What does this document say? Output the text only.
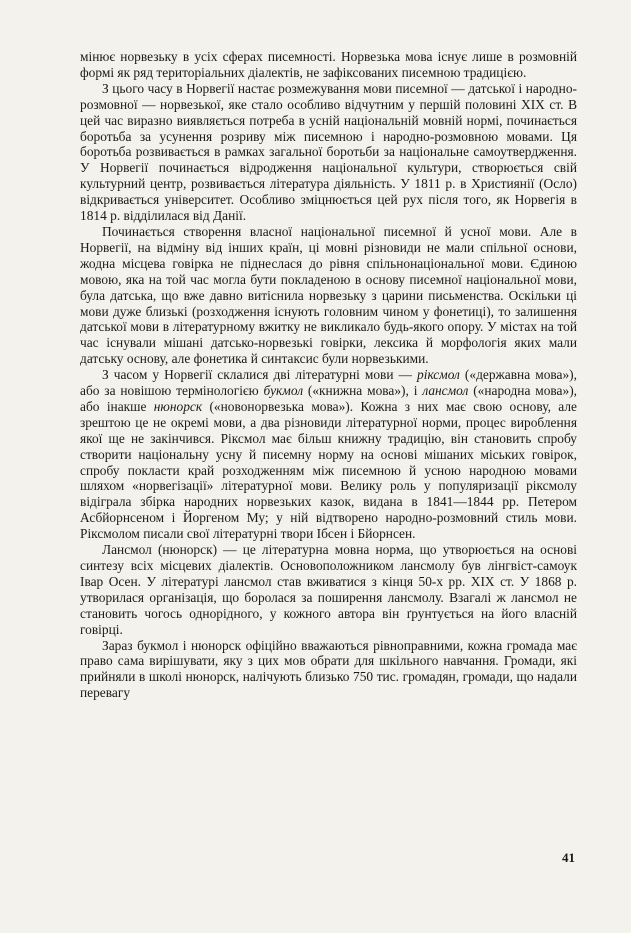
мінює норвезьку в усіх сферах писемності. Норвезька мова існує лише в розмовній формі як ряд територіальних діалектів, не зафіксованих писемною традицією.

З цього часу в Норвегії настає розмежування мови писемної — датської і народно-розмовної — норвезької, яке стало особливо відчутним у першій половині XIX ст. В цей час виразно виявляється потреба в усній національній мовній нормі, починається боротьба за усунення розриву між писемною і народно-розмовною мовами. Ця боротьба розвивається в рамках загальної боротьби за національне самоутвердження. У Норвегії починається відродження національної культури, створюється свій культурний центр, розвивається література діяльність. У 1811 р. в Християнії (Осло) відкривається університет. Особливо зміцнюється цей рух після того, як Норвегія в 1814 р. відділилася від Данії.

Починається створення власної національної писемної й усної мови. Але в Норвегії, на відміну від інших країн, ці мовні різновиди не мали спільної основи, жодна місцева говірка не піднеслася до рівня спільнонаціональної мови. Єдиною мовою, яка на той час могла бути покладеною в основу писемної національної мови, була датська, що вже давно витіснила норвезьку з царини письменства. Оскільки ці мови дуже близькі (розходження існують головним чином у фонетиці), то залишення датської мови в літературному вжитку не викликало будь-якого опору. У містах на той час існували мішані датсько-норвезькі говірки, лексика й морфологія яких мали датську основу, але фонетика й синтаксис були норвезькими.

З часом у Норвегії склалися дві літературні мови — ріксмол («державна мова»), або за новішою термінологією букмол («книжна мова»), і лансмол («народна мова»), або інакше нюнорск («новонорвезька мова»). Кожна з них має свою основу, але зрештою це не окремі мови, а два різновиди літературної норми, процес вироблення якої ще не закінчився. Ріксмол має більш книжну традицію, він становить спробу створити національну усну й писемну норму на основі мішаних міських говірок, спробу покласти край розходженням між писемною й усною народною мовами шляхом «норвегізації» літературної мови. Велику роль у популяризації ріксмолу відіграла збірка народних норвезьких казок, видана в 1841—1844 рр. Петером Асбйорнсеном і Йоргеном Му; у ній відтворено народно-розмовний стиль мови. Ріксмолом писали свої літературні твори Ібсен і Бйорнсен.

Лансмол (нюнорск) — це літературна мовна норма, що утворюється на основі синтезу всіх місцевих діалектів. Основоположником лансмолу був лінгвіст-самоук Івар Осен. У літературі лансмол став вживатися з кінця 50-х рр. XIX ст. У 1868 р. утворилася організація, що боролася за поширення лансмолу. Взагалі ж лансмол не становить чогось однорідного, у кожного автора він ґрунтується на його власній говірці.

Зараз букмол і нюнорск офіційно вважаються рівноправними, кожна громада має право сама вирішувати, яку з цих мов обрати для шкільного навчання. Громади, які прийняли в школі нюнорск, налічують близько 750 тис. громадян, громади, що надали перевагу

41
